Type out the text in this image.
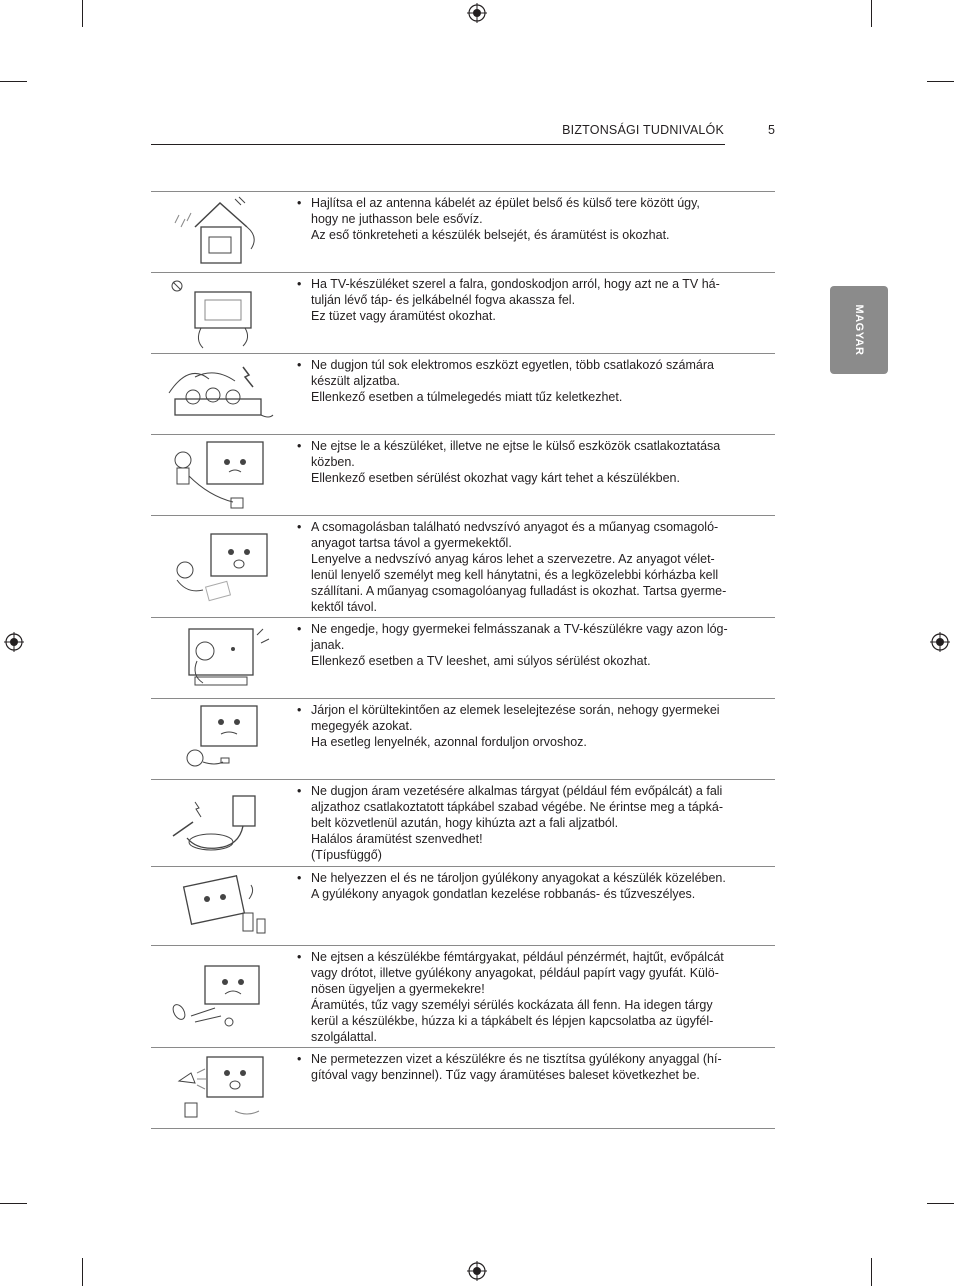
BIZTONSÁGI TUDNIVALÓK	5
MAGYAR
• Hajlítsa el az antenna kábelét az épület belső és külső tere között úgy,

hogy ne juthasson bele esővíz.

Az eső tönkreteheti a készülék belsejét, és áramütést is okozhat.

• Ha TV-készüléket szerel a falra, gondoskodjon arról, hogy azt ne a TV há-

tulján lévő táp- és jelkábelnél fogva akassza fel.

Ez tüzet vagy áramütést okozhat.

• Ne dugjon túl sok elektromos eszközt egyetlen, több csatlakozó számára

készült aljzatba.

Ellenkező esetben a túlmelegedés miatt tűz keletkezhet.

• Ne ejtse le a készüléket, illetve ne ejtse le külső eszközök csatlakoztatása

közben.

Ellenkező esetben sérülést okozhat vagy kárt tehet a készülékben.

• A csomagolásban található nedvszívó anyagot és a műanyag csomagoló-

anyagot tartsa távol a gyermekektől.

Lenyelve a nedvszívó anyag káros lehet a szervezetre. Az anyagot vélet-

lenül lenyelő személyt meg kell hánytatni, és a legközelebbi kórházba kell

szállítani. A műanyag csomagolóanyag fulladást is okozhat. Tartsa gyerme-

kektől távol.

• Ne engedje, hogy gyermekei felmásszanak a TV-készülékre vagy azon lóg-

janak.

Ellenkező esetben a TV leeshet, ami súlyos sérülést okozhat.

• Járjon el körültekintően az elemek leselejtezése során, nehogy gyermekei

megegyék azokat.

Ha esetleg lenyelnék, azonnal forduljon orvoshoz.

• Ne dugjon áram vezetésére alkalmas tárgyat (például fém evőpálcát) a fali

aljzathoz csatlakoztatott tápkábel szabad végébe. Ne érintse meg a tápká-

belt közvetlenül azután, hogy kihúzta azt a fali aljzatból.

Halálos áramütést szenvedhet!

(Típusfüggő)

• Ne helyezzen el és ne tároljon gyúlékony anyagokat a készülék közelében.

A gyúlékony anyagok gondatlan kezelése robbanás- és tűzveszélyes.

• Ne ejtsen a készülékbe fémtárgyakat, például pénzérmét, hajtűt, evőpálcát

vagy drótot, illetve gyúlékony anyagokat, például papírt vagy gyufát. Külö-

nösen ügyeljen a gyermekekre!

Áramütés, tűz vagy személyi sérülés kockázata áll fenn. Ha idegen tárgy

kerül a készülékbe, húzza ki a tápkábelt és lépjen kapcsolatba az ügyfél-

szolgálattal.

• Ne permetezzen vizet a készülékre és ne tisztítsa gyúlékony anyaggal (hí-

gítóval vagy benzinnel). Tűz vagy áramütéses baleset következhet be.
